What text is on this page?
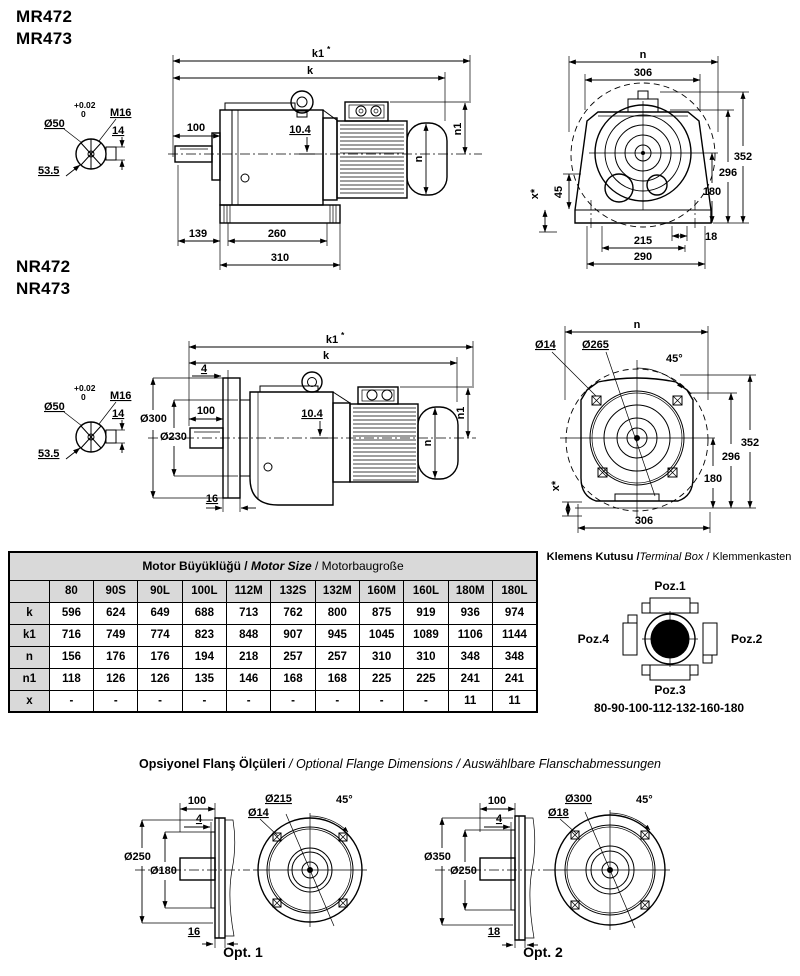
MR472
MR473
+0.02
0
Ø50
M16
14
53.5
k1 *
k
100	10.4
n
n1
139	260
310
n
306
352
296
180
45
x*
18
215
290
NR472
NR473
+0.02
0
Ø50
M16
14
53.5
k1 *
k
4
Ø300
Ø230
100	10.4
n
n1
16
n
Ø14 Ø265
45°
352
296
180
306
x*
Motor Büyüklüğü / Motor Size / Motorbaugroße											
	80	90S	90L	100L	112M	132S	132M	160M	160L	180M	180L
k	596	624	649	688	713	762	800	875	919	936	974
k1	716	749	774	823	848	907	945	1045	1089	1106	1144
n	156	176	176	194	218	257	257	310	310	348	348
n1	118	126	126	135	146	168	168	225	225	241	241
x	-	-	-	-	-	-	-	-	-	11	11
Klemens Kutusu /Terminal Box / Klemmenkasten
Poz.1
Poz.2
Poz.3
Poz.4
80-90-100-112-132-160-180
Opsiyonel Flanş Ölçüleri / Optional Flange Dimensions / Auswählbare Flanschabmessungen
100
4
Ø250
Ø180
16
Ø215
Ø14
45°
Opt. 1
100
4
Ø350
Ø250
18
Ø300
Ø18
45°
Opt. 2
